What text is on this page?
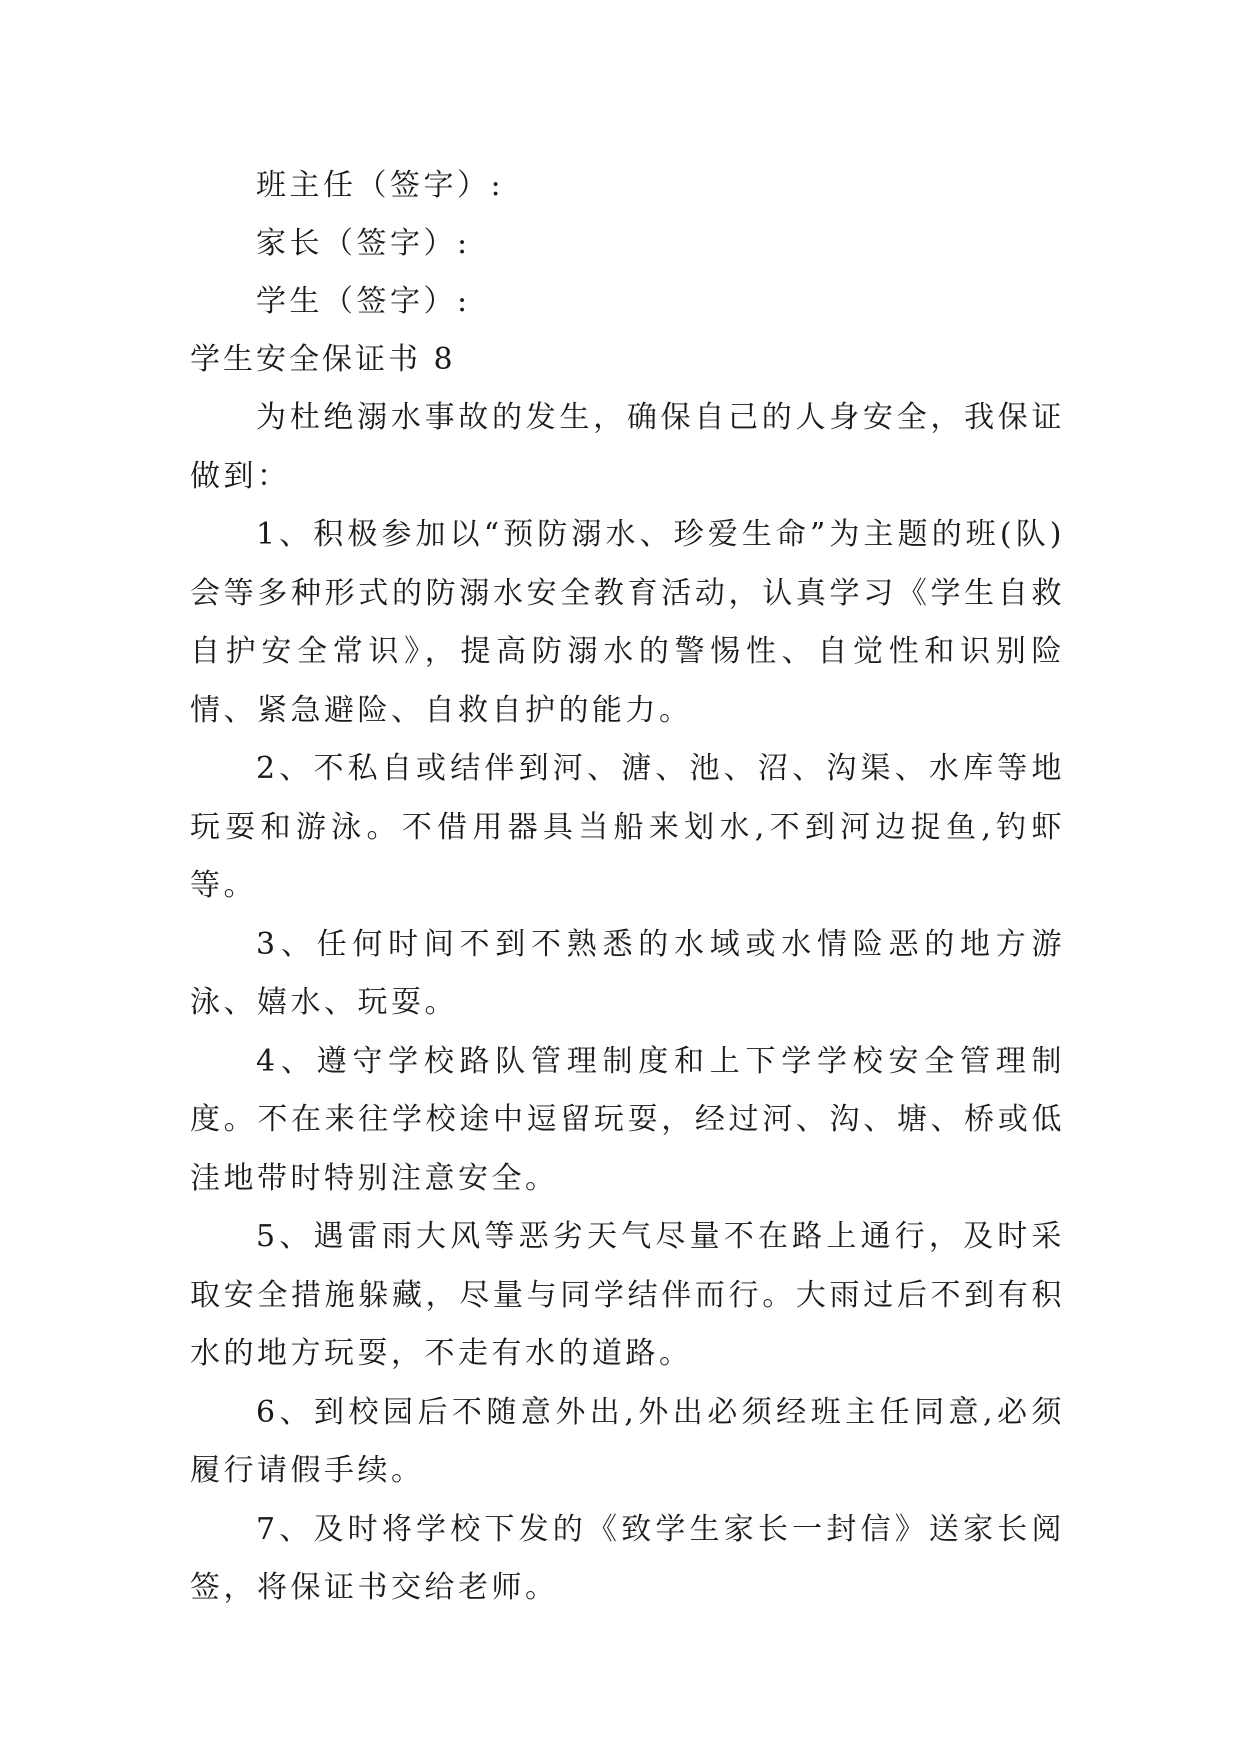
班主任（签字）:
家长（签字）:
学生（签字）:
学生安全保证书 8

为杜绝溺水事故的发生，确保自己的人身安全，我保证做到：

1、积极参加以“预防溺水、珍爱生命”为主题的班(队)会等多种形式的防溺水安全教育活动，认真学习《学生自救自护安全常识》，提高防溺水的警惕性、自觉性和识别险情、紧急避险、自救自护的能力。

2、不私自或结伴到河、溏、池、沼、沟渠、水库等地玩耍和游泳。不借用器具当船来划水,不到河边捉鱼,钓虾等。

3、任何时间不到不熟悉的水域或水情险恶的地方游泳、嬉水、玩耍。

4、遵守学校路队管理制度和上下学学校安全管理制度。不在来往学校途中逗留玩耍，经过河、沟、塘、桥或低洼地带时特别注意安全。

5、遇雷雨大风等恶劣天气尽量不在路上通行，及时采取安全措施躲藏，尽量与同学结伴而行。大雨过后不到有积水的地方玩耍，不走有水的道路。

6、到校园后不随意外出,外出必须经班主任同意,必须履行请假手续。

7、及时将学校下发的《致学生家长一封信》送家长阅签，将保证书交给老师。
